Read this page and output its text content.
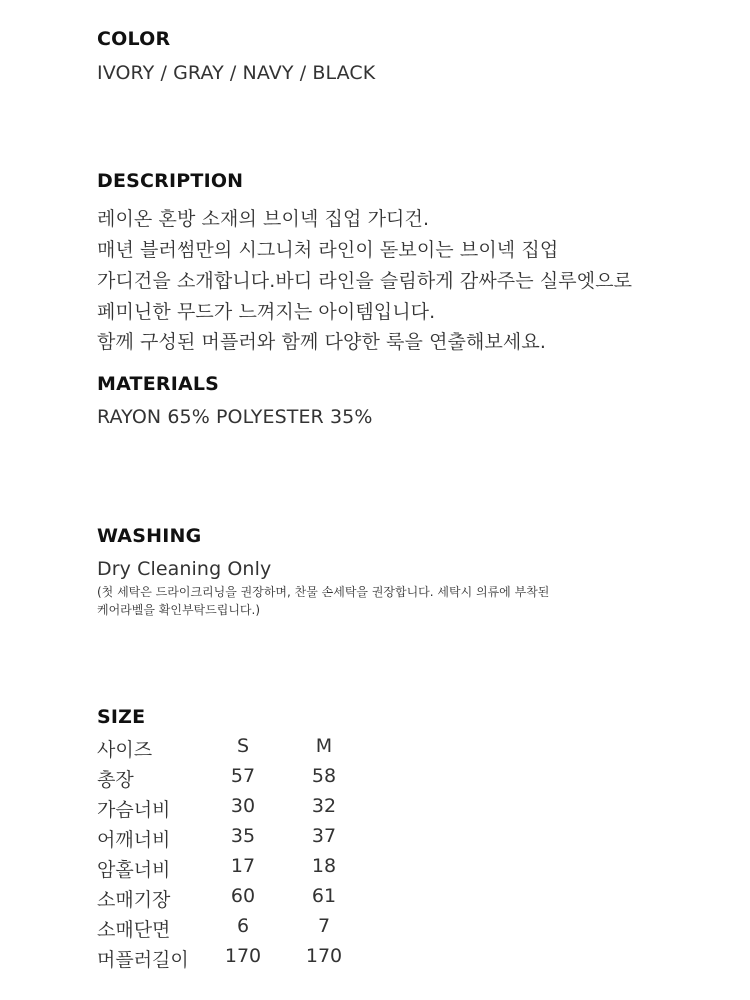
COLOR
IVORY / GRAY / NAVY / BLACK
DESCRIPTION
레이온 혼방 소재의 브이넥 집업 가디건.
매년 블러썸만의 시그니처 라인이 돋보이는 브이넥 집업
가디건을 소개합니다.바디 라인을 슬림하게 감싸주는 실루엣으로
페미닌한 무드가 느껴지는 아이템입니다.
함께 구성된 머플러와 함께 다양한 룩을 연출해보세요.
MATERIALS
RAYON 65% POLYESTER 35%
WASHING
Dry Cleaning Only
(첫 세탁은 드라이크리닝을 권장하며, 찬물 손세탁을 권장합니다. 세탁시 의류에 부착된
케어라벨을 확인부탁드립니다.)
SIZE
사이즈	S	M
총장	57	58
가슴너비	30	32
어깨너비	35	37
암홀너비	17	18
소매기장	60	61
소매단면	6	7
머플러길이	170	170
